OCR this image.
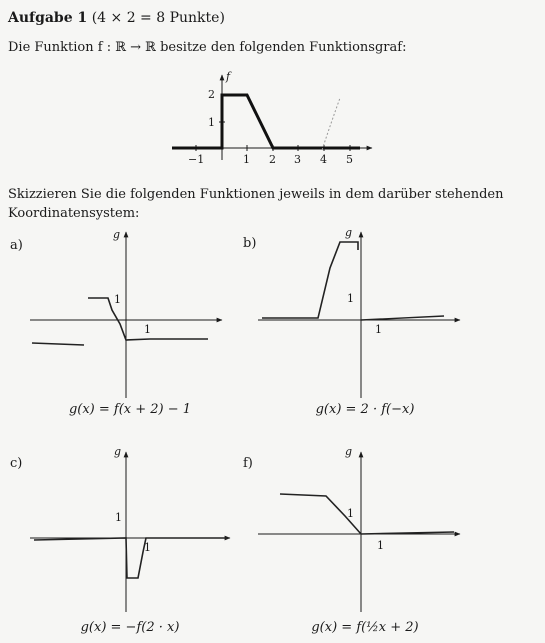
Aufgabe 1 (4 × 2 = 8 Punkte)
Die Funktion f : ℝ → ℝ besitze den folgenden Funktionsgraf:
f
2
1
−1	1 2 3 4 5
g
1
1
g
1
1
g
1
1
g
1
1
Skizzieren Sie die folgenden Funktionen jeweils in dem darüber stehenden Koordinatensystem:
a)	b)
c)	f)
g(x) = f(x + 2) − 1	g(x) = 2 · f(−x)
g(x) = −f(2 · x)	g(x) = f(½x + 2)
